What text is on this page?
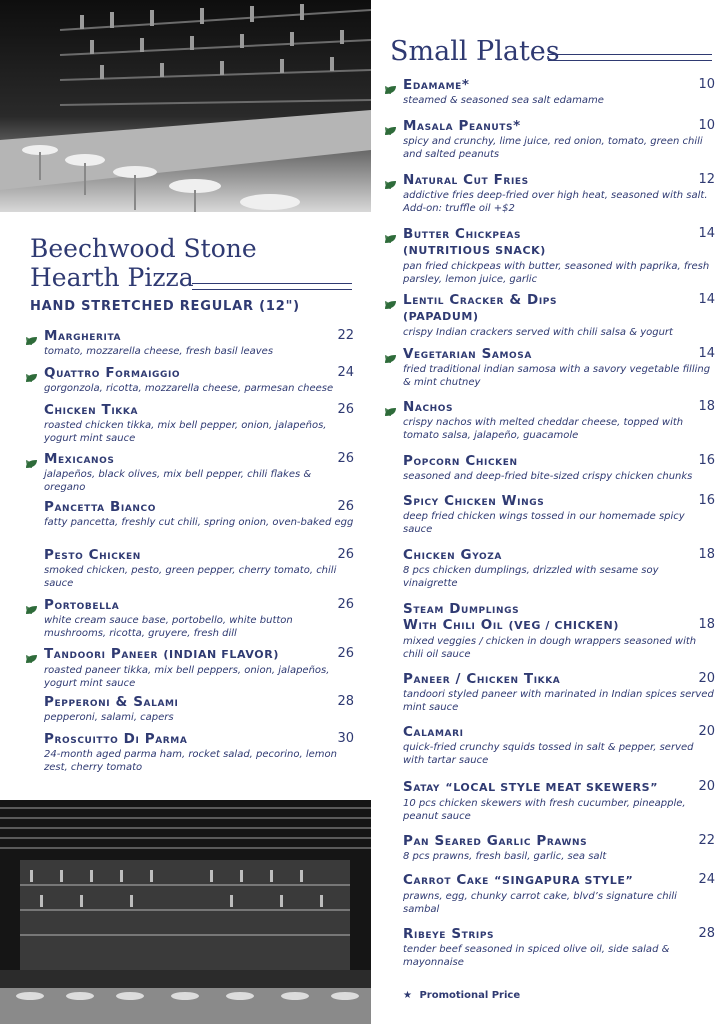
Beechwood Stone
Hearth Pizza
HAND STRETCHED REGULAR (12")
Margherita
tomato, mozzarella cheese, fresh basil leaves
22
Quattro Formaiggio
gorgonzola, ricotta, mozzarella cheese, parmesan cheese
24
Chicken Tikka
roasted chicken tikka, mix bell pepper, onion, jalapeños, yogurt mint sauce
26
Mexicanos
jalapeños, black olives, mix bell pepper, chili flakes & oregano
26
Pancetta Bianco
fatty pancetta, freshly cut chili, spring onion, oven-baked egg
26
Pesto Chicken
smoked chicken, pesto, green pepper, cherry tomato, chili sauce
26
Portobella
white cream sauce base, portobello, white button mushrooms, ricotta, gruyere, fresh dill
26
Tandoori Paneer (INDIAN FLAVOR)
roasted paneer tikka, mix bell peppers, onion, jalapeños, yogurt mint sauce
26
Pepperoni & Salami
pepperoni, salami, capers
28
Proscuitto Di Parma
24-month aged parma ham, rocket salad, pecorino, lemon zest, cherry tomato
30
Small Plates
Edamame*
steamed & seasoned sea salt edamame
10
Masala Peanuts*
spicy and crunchy, lime juice, red onion, tomato, green chili and salted peanuts
10
Natural Cut Fries
addictive fries deep-fried over high heat, seasoned with salt. Add-on: truffle oil +$2
12
Butter Chickpeas
(NUTRITIOUS SNACK)
pan fried chickpeas with butter, seasoned with paprika, fresh parsley, lemon juice, garlic
14
Lentil Cracker & Dips
(PAPADUM)
crispy Indian crackers served with chili salsa & yogurt
14
Vegetarian Samosa
fried traditional indian samosa with a savory vegetable filling & mint chutney
14
Nachos
crispy nachos with melted cheddar cheese, topped with tomato salsa, jalapeño, guacamole
18
Popcorn Chicken
seasoned and deep-fried bite-sized crispy chicken chunks
16
Spicy Chicken Wings
deep fried chicken wings tossed in our homemade spicy sauce
16
Chicken Gyoza
8 pcs chicken dumplings, drizzled with sesame soy vinaigrette
18
Steam Dumplings
With Chili Oil (VEG / CHICKEN)
mixed veggies / chicken in dough wrappers seasoned with chili oil sauce
18
Paneer / Chicken Tikka
tandoori styled paneer with marinated in Indian spices served mint sauce
20
Calamari
quick-fried crunchy squids tossed in salt & pepper, served with tartar sauce
20
Satay “LOCAL STYLE MEAT SKEWERS”
10 pcs chicken skewers with fresh cucumber, pineapple, peanut sauce
20
Pan Seared Garlic Prawns
8 pcs prawns, fresh basil, garlic, sea salt
22
Carrot Cake “SINGAPURA STYLE”
prawns, egg, chunky carrot cake, blvd’s signature chili sambal
24
Ribeye Strips
tender beef seasoned in spiced olive oil, side salad & mayonnaise
28
★ Promotional Price
